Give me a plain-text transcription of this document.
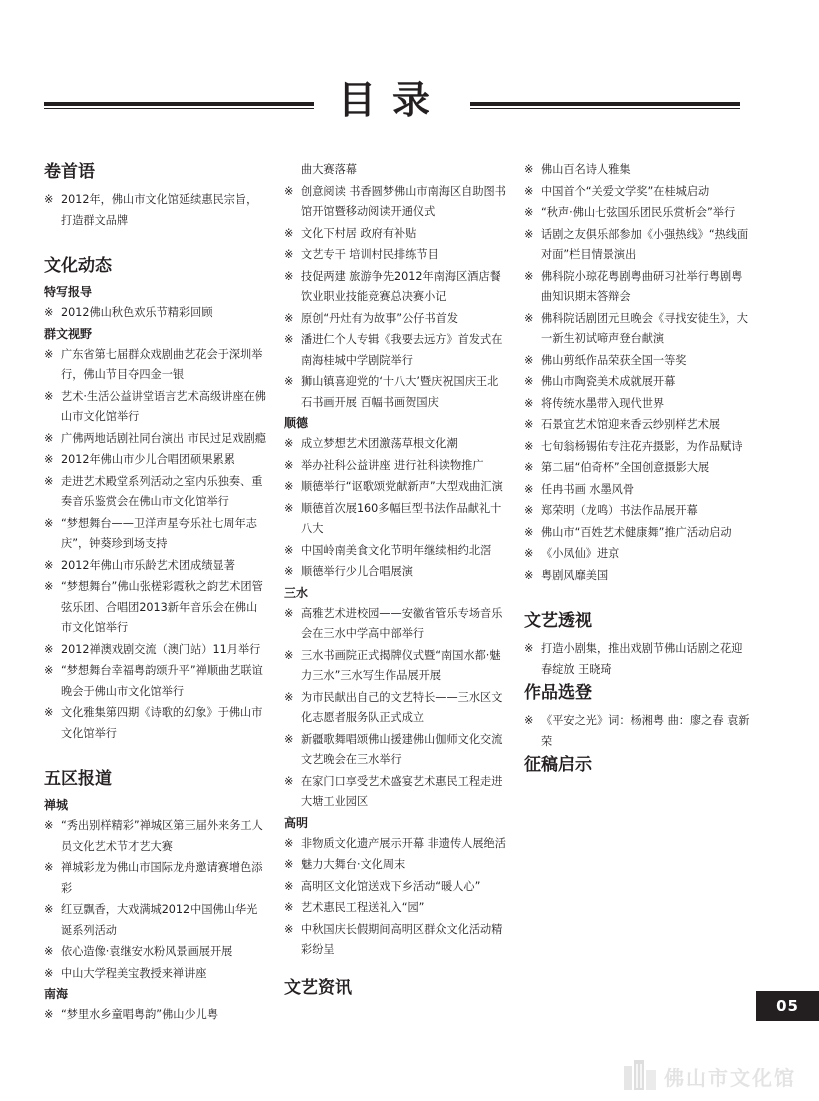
目录
卷首语
※ 2012年，佛山市文化馆延续惠民宗旨，打造群文品牌
文化动态
特写报导
※ 2012佛山秋色欢乐节精彩回顾
群文视野
※ 广东省第七届群众戏剧曲艺花会于深圳举行，佛山节目夺四金一银
※ 艺术·生活公益讲堂语言艺术高级讲座在佛山市文化馆举行
※ 广佛两地话剧社同台演出 市民过足戏剧瘾
※ 2012年佛山市少儿合唱团硕果累累
※ 走进艺术殿堂系列活动之室内乐独奏、重奏音乐鉴赏会在佛山市文化馆举行
※ “梦想舞台——卫洋声星夸乐社七周年志庆”，钟葵珍到场支持
※ 2012年佛山市乐龄艺术团成绩显著
※ “梦想舞台”佛山张槎彩霞秋之韵艺术团管弦乐团、合唱团2013新年音乐会在佛山市文化馆举行
※ 2012禅澳戏剧交流（澳门站）11月举行
※ “梦想舞台幸福粤韵颂升平”禅顺曲艺联谊晚会于佛山市文化馆举行
※ 文化雅集第四期《诗歌的幻象》于佛山市文化馆举行
五区报道
禅城
※ “秀出别样精彩”禅城区第三届外来务工人员文化艺术节才艺大赛
※ 禅城彩龙为佛山市国际龙舟邀请赛增色添彩
※ 红豆飘香，大戏满城2012中国佛山华光诞系列活动
※ 依心造像·袁继安水粉风景画展开展
※ 中山大学程美宝教授来禅讲座
南海
※ “梦里水乡童唱粤韵”佛山少儿粤
曲大赛落幕
※ 创意阅读 书香圆梦佛山市南海区自助图书馆开馆暨移动阅读开通仪式
※ 文化下村居 政府有补贴
※ 文艺专干 培训村民排练节目
※ 技促两建 旅游争先2012年南海区酒店餐饮业职业技能竞赛总决赛小记
※ 原创“丹灶有为故事”公仔书首发
※ 潘进仁个人专辑《我要去远方》首发式在南海桂城中学剧院举行
※ 狮山镇喜迎党的‘十八大’暨庆祝国庆王北石书画开展 百幅书画贺国庆
顺德
※ 成立梦想艺术团激荡草根文化潮
※ 举办社科公益讲座 进行社科读物推广
※ 顺德举行“讴歌颂党献新声”大型戏曲汇演
※ 顺德首次展160多幅巨型书法作品献礼十八大
※ 中国岭南美食文化节明年继续相约北滘
※ 顺德举行少儿合唱展演
三水
※ 高雅艺术进校园——安徽省管乐专场音乐会在三水中学高中部举行
※ 三水书画院正式揭牌仪式暨“南国水都·魅力三水”三水写生作品展开展
※ 为市民献出自己的文艺特长——三水区文化志愿者服务队正式成立
※ 新疆歌舞唱颂佛山援建佛山伽师文化交流文艺晚会在三水举行
※ 在家门口享受艺术盛宴艺术惠民工程走进大塘工业园区
高明
※ 非物质文化遗产展示开幕 非遗传人展绝活
※ 魅力大舞台·文化周末
※ 高明区文化馆送戏下乡活动“暖人心”
※ 艺术惠民工程送礼入“园”
※ 中秋国庆长假期间高明区群众文化活动精彩纷呈
文艺资讯
※ 佛山百名诗人雅集
※ 中国首个“关爱文学奖”在桂城启动
※ “秋声·佛山七弦国乐团民乐赏析会”举行
※ 话剧之友俱乐部参加《小强热线》“热线面对面”栏目情景演出
※ 佛科院小琼花粤剧粤曲研习社举行粤剧粤曲知识期末答辩会
※ 佛科院话剧团元旦晚会《寻找安徒生》，大一新生初试啼声登台献演
※ 佛山剪纸作品荣获全国一等奖
※ 佛山市陶瓷美术成就展开幕
※ 将传统水墨带入现代世界
※ 石景宜艺术馆迎来香云纱别样艺术展
※ 七旬翁杨锡佑专注花卉摄影，为作品赋诗
※ 第二届“伯奇杯”全国创意摄影大展
※ 任冉书画 水墨风骨
※ 郑荣明（龙鸣）书法作品展开幕
※ 佛山市“百姓艺术健康舞”推广活动启动
※ 《小凤仙》进京
※ 粤剧风靡美国
文艺透视
※ 打造小剧集，推出戏剧节佛山话剧之花迎春绽放 王晓琦
作品选登
※ 《平安之光》词：杨湘粤 曲：廖之春 袁新荣
征稿启示
05
佛山市文化馆
